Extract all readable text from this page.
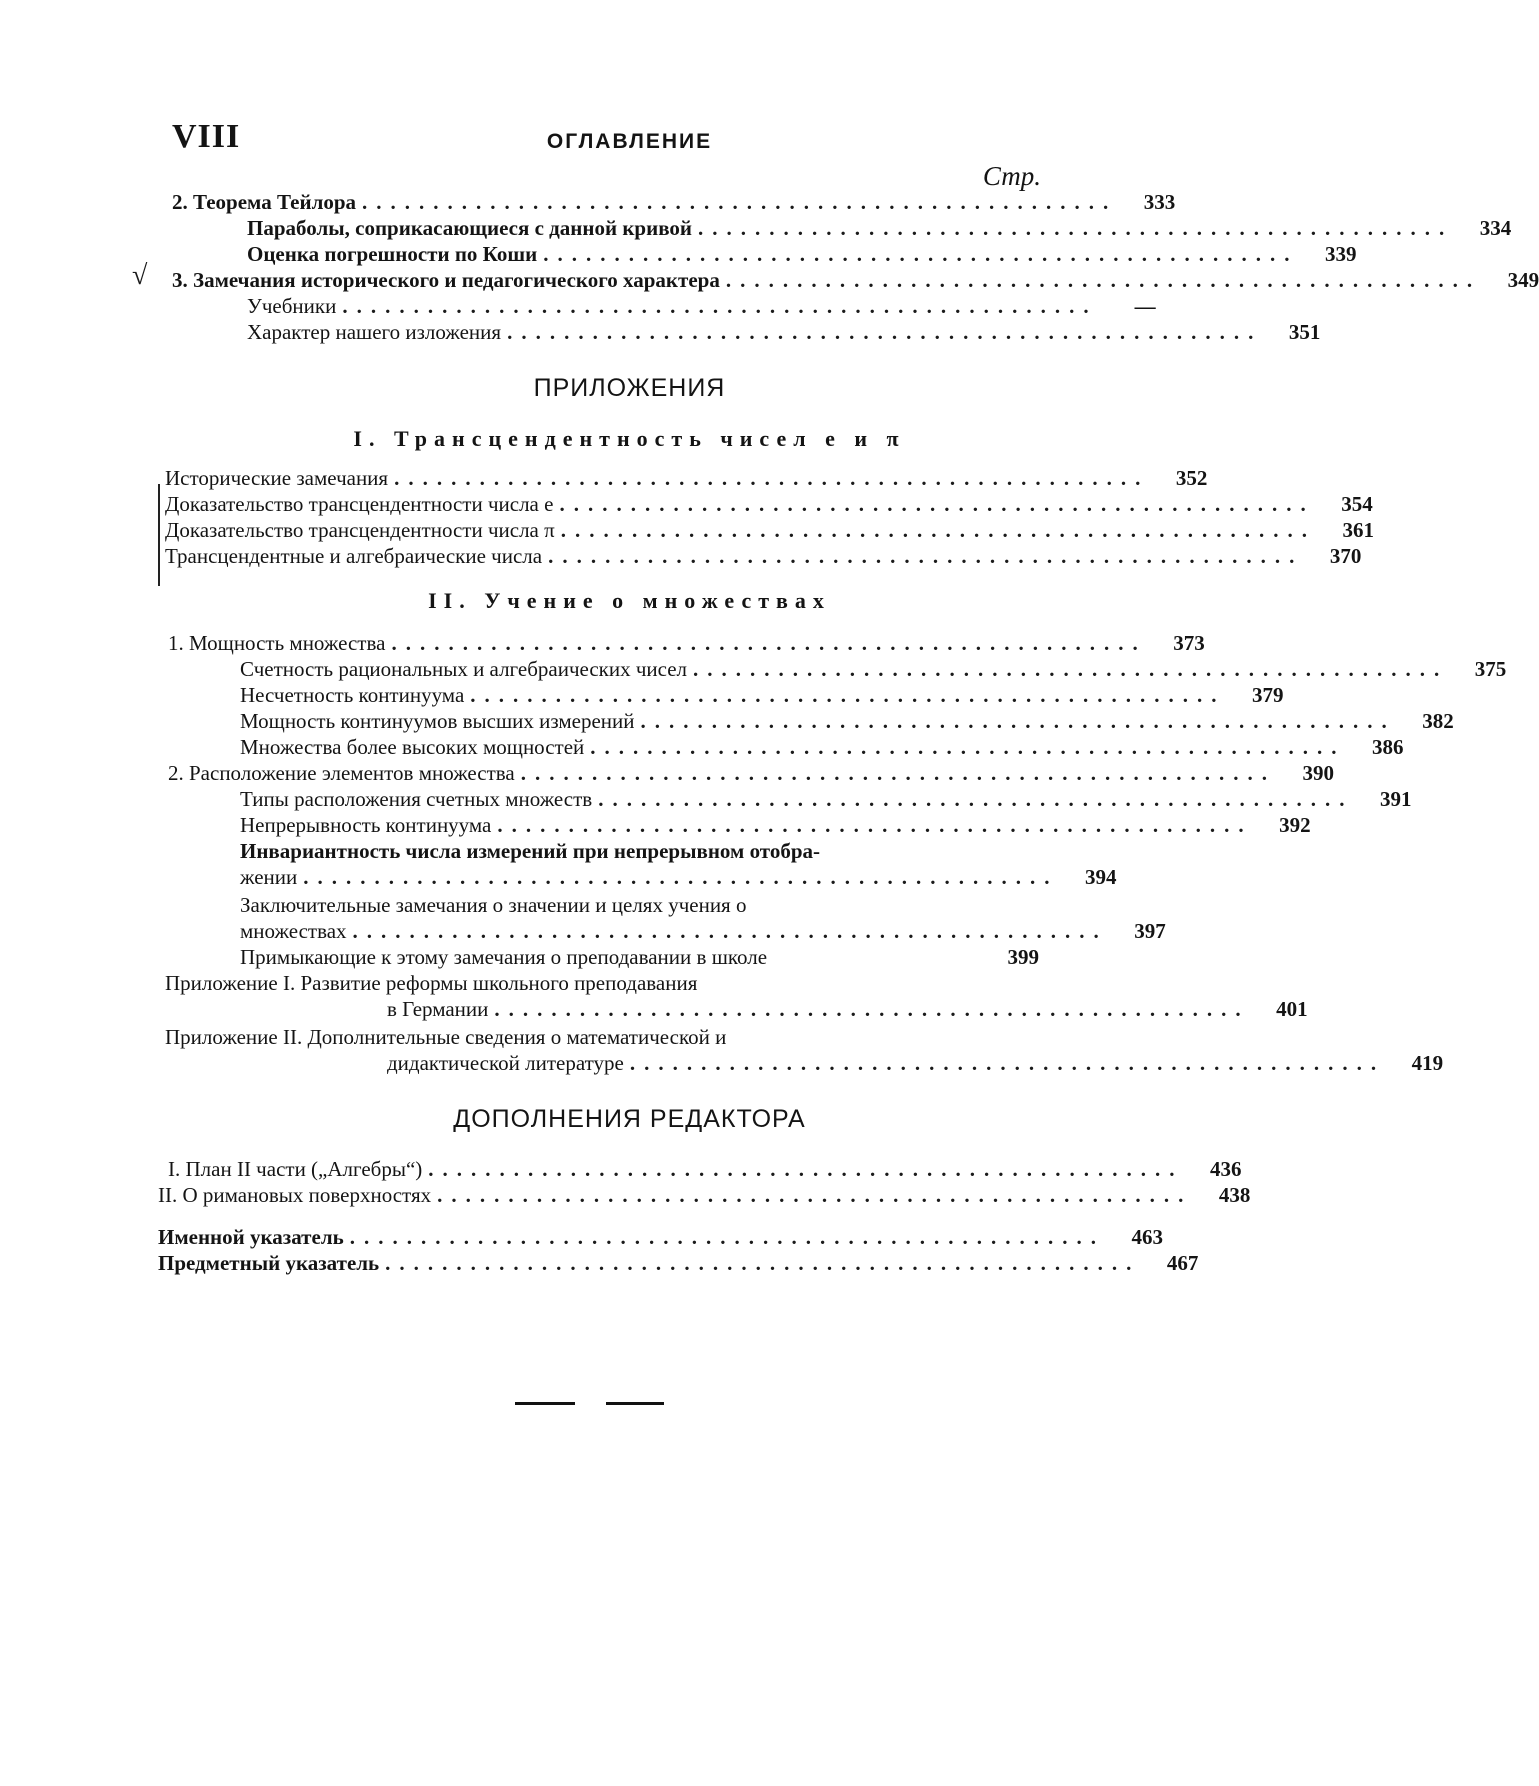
VIII	ОГЛАВЛЕНИЕ
Стр.
2. Теорема Тейлора .....................................................	333
Параболы, соприкасающиеся с данной кривой .....................................................	334
Оценка погрешности по Коши .....................................................	339
3. Замечания исторического и педагогического характера .....................................................	349
Учебники .....................................................	—
Характер нашего изложения .....................................................	351
√
ПРИЛОЖЕНИЯ
I. Трансцендентность чисел e и π
Исторические замечания .....................................................	352
Доказательство трансцендентности числа e .....................................................	354
Доказательство трансцендентности числа π .....................................................	361
Трансцендентные и алгебраические числа .....................................................	370
II. Учение о множествах
1. Мощность множества .....................................................	373
Счетность рациональных и алгебраических чисел .....................................................	375
Несчетность континуума .....................................................	379
Мощность континуумов высших измерений .....................................................	382
Множества более высоких мощностей .....................................................	386
2. Расположение элементов множества .....................................................	390
Типы расположения счетных множеств .....................................................	391
Непрерывность континуума .....................................................	392
Инвариантность числа измерений при непрерывном отобра-
жении .....................................................	394
Заключительные замечания о значении и целях учения о
множествах .....................................................	397
Примыкающие к этому замечания о преподавании в школе	399
Приложение I. Развитие реформы школьного преподавания
в Германии .....................................................	401
Приложение II. Дополнительные сведения о математической и
дидактической литературе .....................................................	419
ДОПОЛНЕНИЯ РЕДАКТОРА
I. План II части („Алгебры“) .....................................................	436
II. О римановых поверхностях .....................................................	438
Именной указатель .....................................................	463
Предметный указатель .....................................................	467
